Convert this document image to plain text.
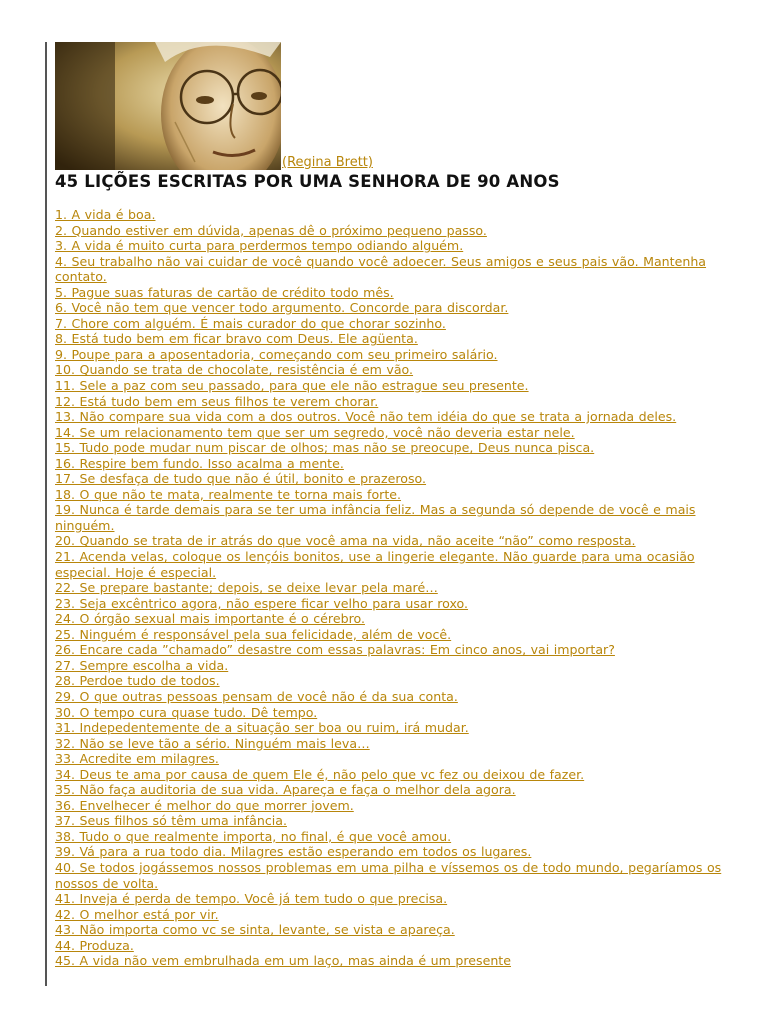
(Regina Brett)
45 LIÇÕES ESCRITAS POR UMA SENHORA DE 90 ANOS
1. A vida é boa.
2. Quando estiver em dúvida, apenas dê o próximo pequeno passo.
3. A vida é muito curta para perdermos tempo odiando alguém.
4. Seu trabalho não vai cuidar de você quando você adoecer. Seus amigos e seus pais vão. Mantenha contato.
5. Pague suas faturas de cartão de crédito todo mês.
6. Você não tem que vencer todo argumento. Concorde para discordar.
7. Chore com alguém. É mais curador do que chorar sozinho.
8. Está tudo bem em ficar bravo com Deus. Ele agüenta.
9. Poupe para a aposentadoria, começando com seu primeiro salário.
10. Quando se trata de chocolate, resistência é em vão.
11. Sele a paz com seu passado, para que ele não estrague seu presente.
12. Está tudo bem em seus filhos te verem chorar.
13. Não compare sua vida com a dos outros. Você não tem idéia do que se trata a jornada deles.
14. Se um relacionamento tem que ser um segredo, você não deveria estar nele.
15. Tudo pode mudar num piscar de olhos; mas não se preocupe, Deus nunca pisca.
16. Respire bem fundo. Isso acalma a mente.
17. Se desfaça de tudo que não é útil, bonito e prazeroso.
18. O que não te mata, realmente te torna mais forte.
19. Nunca é tarde demais para se ter uma infância feliz. Mas a segunda só depende de você e mais ninguém.
20. Quando se trata de ir atrás do que você ama na vida, não aceite “não” como resposta.
21. Acenda velas, coloque os lençóis bonitos, use a lingerie elegante. Não guarde para uma ocasião especial. Hoje é especial.
22. Se prepare bastante; depois, se deixe levar pela maré…
23. Seja excêntrico agora, não espere ficar velho para usar roxo.
24. O órgão sexual mais importante é o cérebro.
25. Ninguém é responsável pela sua felicidade, além de você.
26. Encare cada ”chamado” desastre com essas palavras: Em cinco anos, vai importar?
27. Sempre escolha a vida.
28. Perdoe tudo de todos.
29. O que outras pessoas pensam de você não é da sua conta.
30. O tempo cura quase tudo. Dê tempo.
31. Indepedentemente de a situação ser boa ou ruim, irá mudar.
32. Não se leve tão a sério. Ninguém mais leva…
33. Acredite em milagres.
34. Deus te ama por causa de quem Ele é, não pelo que vc fez ou deixou de fazer.
35. Não faça auditoria de sua vida. Apareça e faça o melhor dela agora.
36. Envelhecer é melhor do que morrer jovem.
37. Seus filhos só têm uma infância.
38. Tudo o que realmente importa, no final, é que você amou.
39. Vá para a rua todo dia. Milagres estão esperando em todos os lugares.
40. Se todos jogássemos nossos problemas em uma pilha e víssemos os de todo mundo, pegaríamos os nossos de volta.
41. Inveja é perda de tempo. Você já tem tudo o que precisa.
42. O melhor está por vir.
43. Não importa como vc se sinta, levante, se vista e apareça.
44. Produza.
45. A vida não vem embrulhada em um laço, mas ainda é um presente
